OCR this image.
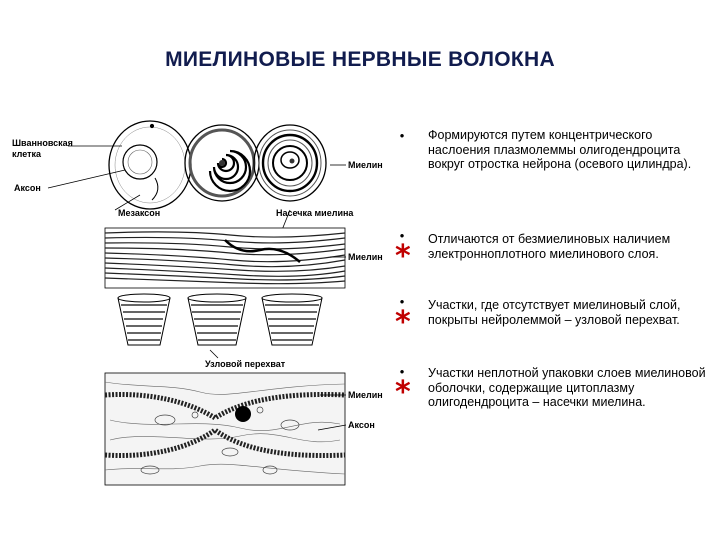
МИЕЛИНОВЫЕ НЕРВНЫЕ ВОЛОКНА
Шванновская
клетка
Аксон
Мезаксон
Миелин
Насечка миелина
Миелин
Узловой перехват
Миелин
Аксон
• Формируются путем концентрического наслоения плазмолеммы олигодендроцита вокруг отростка нейрона (осевого цилиндра).
•
* Отличаются от безмиелиновых наличием электронноплотного миелинового слоя.
•
* Участки, где отсутствует миелиновый слой, покрыты нейролеммой – узловой перехват.
•
*
Участки неплотной упаковки слоев миелиновой оболочки, содержащие цитоплазму олигодендроцита – насечки миелина.
